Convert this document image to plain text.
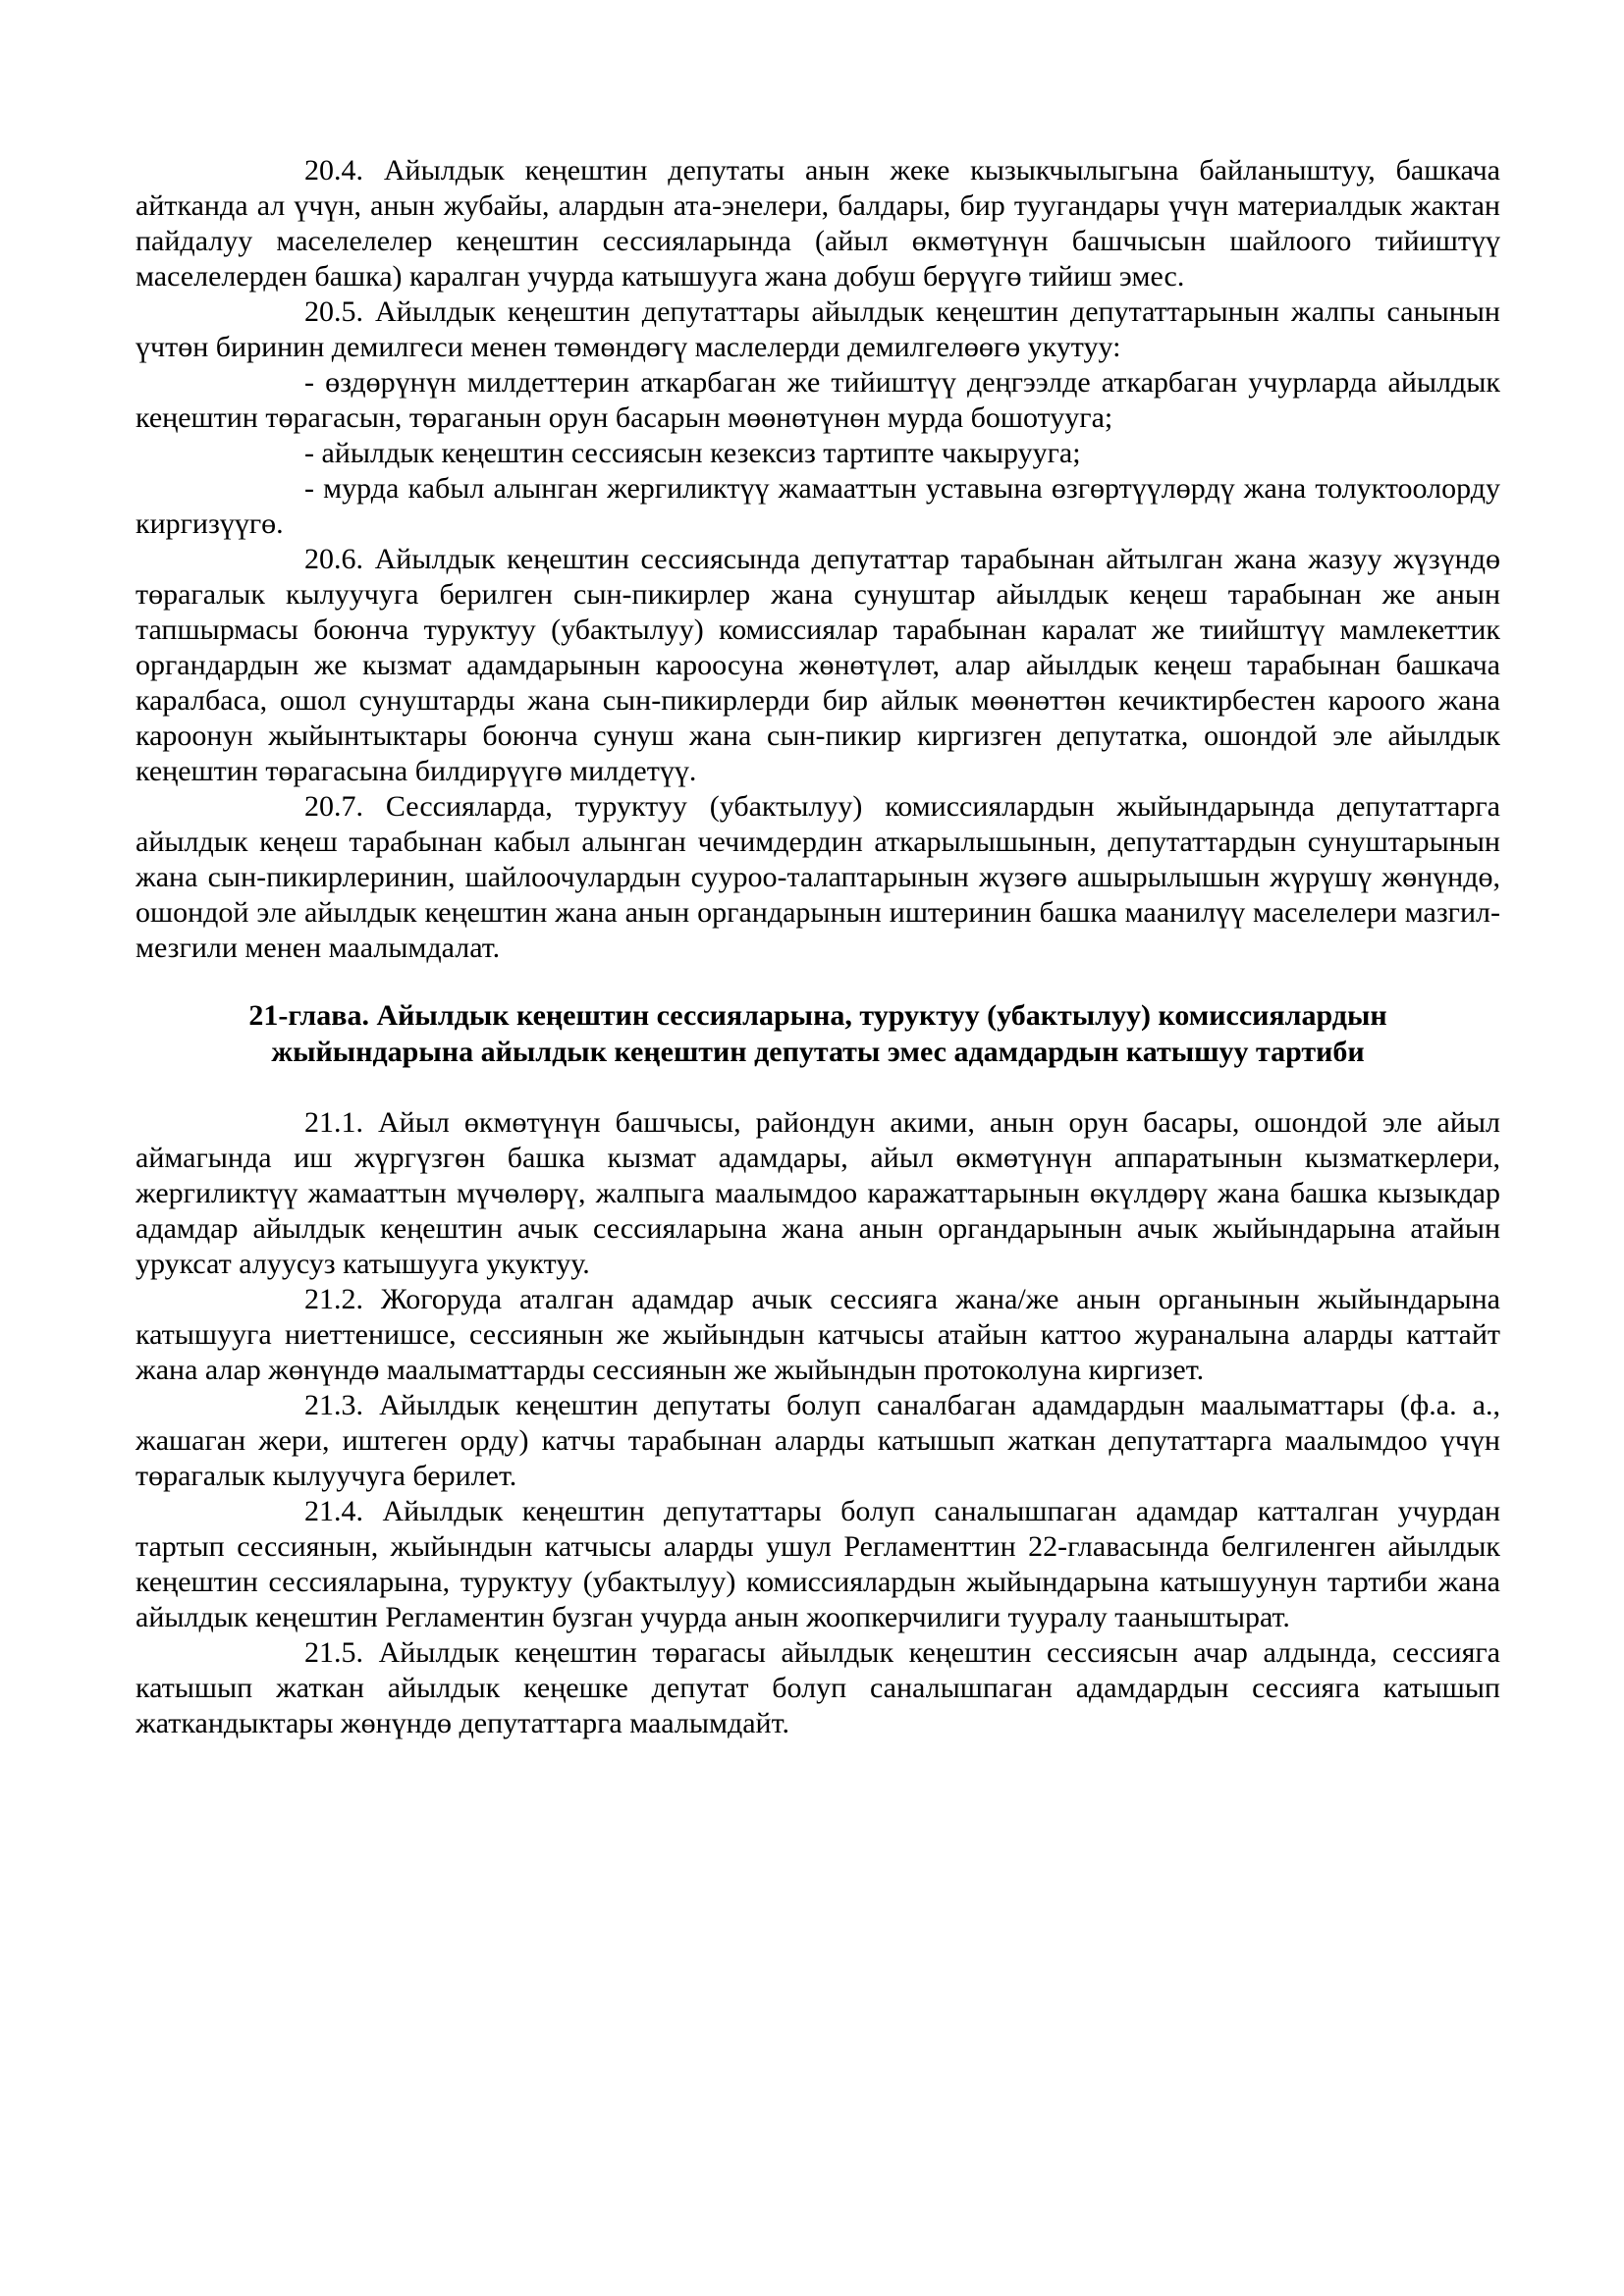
20.4. Айылдык кеңештин депутаты анын жеке кызыкчылыгына байланыштуу, башкача айтканда ал үчүн, анын жубайы, алардын ата-энелери, балдары, бир туугандары үчүн материалдык жактан пайдалуу маселелелер кеңештин сессияларында (айыл өкмөтүнүн башчысын шайлоого тийиштүү маселелерден башка) каралган учурда катышууга жана добуш берүүгө тийиш эмес.

20.5. Айылдык кеңештин депутаттары айылдык кеңештин депутаттарынын жалпы санынын үчтөн биринин демилгеси менен төмөндөгү маслелерди демилгелөөгө укутуу:

- өздөрүнүн милдеттерин аткарбаган же тийиштүү деңгээлде аткарбаган учурларда айылдык кеңештин төрагасын, төраганын орун басарын мөөнөтүнөн мурда бошотууга;

- айылдык кеңештин сессиясын кезексиз тартипте чакырууга;

- мурда кабыл алынган жергиликтүү жамааттын уставына өзгөртүүлөрдү жана толуктоолорду киргизүүгө.

20.6. Айылдык кеңештин сессиясында депутаттар тарабынан айтылган жана жазуу жүзүндө төрагалык кылуучуга берилген сын-пикирлер жана сунуштар айылдык кеңеш тарабынан же анын тапшырмасы боюнча туруктуу (убактылуу) комиссиялар тарабынан каралат же тиийштүү мамлекеттик органдардын же кызмат адамдарынын кароосуна жөнөтүлөт, алар айылдык кеңеш тарабынан башкача каралбаса, ошол сунуштарды жана сын-пикирлерди бир айлык мөөнөттөн кечиктирбестен кароого жана кароонун жыйынтыктары боюнча сунуш жана сын-пикир киргизген депутатка, ошондой эле айылдык кеңештин төрагасына билдирүүгө милдетүү.

20.7. Сессияларда, туруктуу (убактылуу) комиссиялардын жыйындарында депутаттарга айылдык кеңеш тарабынан кабыл алынган чечимдердин аткарылышынын, депутаттардын сунуштарынын жана сын-пикирлеринин, шайлоочулардын сууроо-талаптарынын жүзөгө ашырылышын жүрүшү жөнүндө, ошондой эле айылдык кеңештин жана анын органдарынын иштеринин башка маанилүү маселелери мазгил-мезгили менен маалымдалат.

21-глава. Айылдык кеңештин сессияларына, туруктуу (убактылуу) комиссиялардын жыйындарына айылдык кеңештин депутаты эмес адамдардын катышуу тартиби

21.1. Айыл өкмөтүнүн башчысы, райондун акими, анын орун басары, ошондой эле айыл аймагында иш жүргүзгөн башка кызмат адамдары, айыл өкмөтүнүн аппаратынын кызматкерлери, жергиликтүү жамааттын мүчөлөрү, жалпыга маалымдоо каражаттарынын өкүлдөрү жана башка кызыкдар адамдар айылдык кеңештин ачык сессияларына жана анын органдарынын ачык жыйындарына атайын уруксат алуусуз катышууга укуктуу.

21.2. Жогоруда аталган адамдар ачык сессияга жана/же анын органынын жыйындарына катышууга ниеттенишсе, сессиянын же жыйындын катчысы атайын каттоо жураналына аларды каттайт жана алар жөнүндө маалыматтарды сессиянын же жыйындын протоколуна киргизет.

21.3. Айылдык кеңештин депутаты болуп саналбаган адамдардын маалыматтары (ф.а. а., жашаган жери, иштеген орду) катчы тарабынан аларды катышып жаткан депутаттарга маалымдоо үчүн төрагалык кылуучуга берилет.

21.4. Айылдык кеңештин депутаттары болуп саналышпаган адамдар катталган учурдан тартып сессиянын, жыйындын катчысы аларды ушул Регламенттин 22-главасында белгиленген айылдык кеңештин сессияларына, туруктуу (убактылуу) комиссиялардын жыйындарына катышуунун тартиби жана айылдык кеңештин Регламентин бузган учурда анын жоопкерчилиги тууралу тааныштырат.

21.5. Айылдык кеңештин төрагасы айылдык кеңештин сессиясын ачар алдында, сессияга катышып жаткан айылдык кеңешке депутат болуп саналышпаган адамдардын сессияга катышып жаткандыктары жөнүндө депутаттарга маалымдайт.
